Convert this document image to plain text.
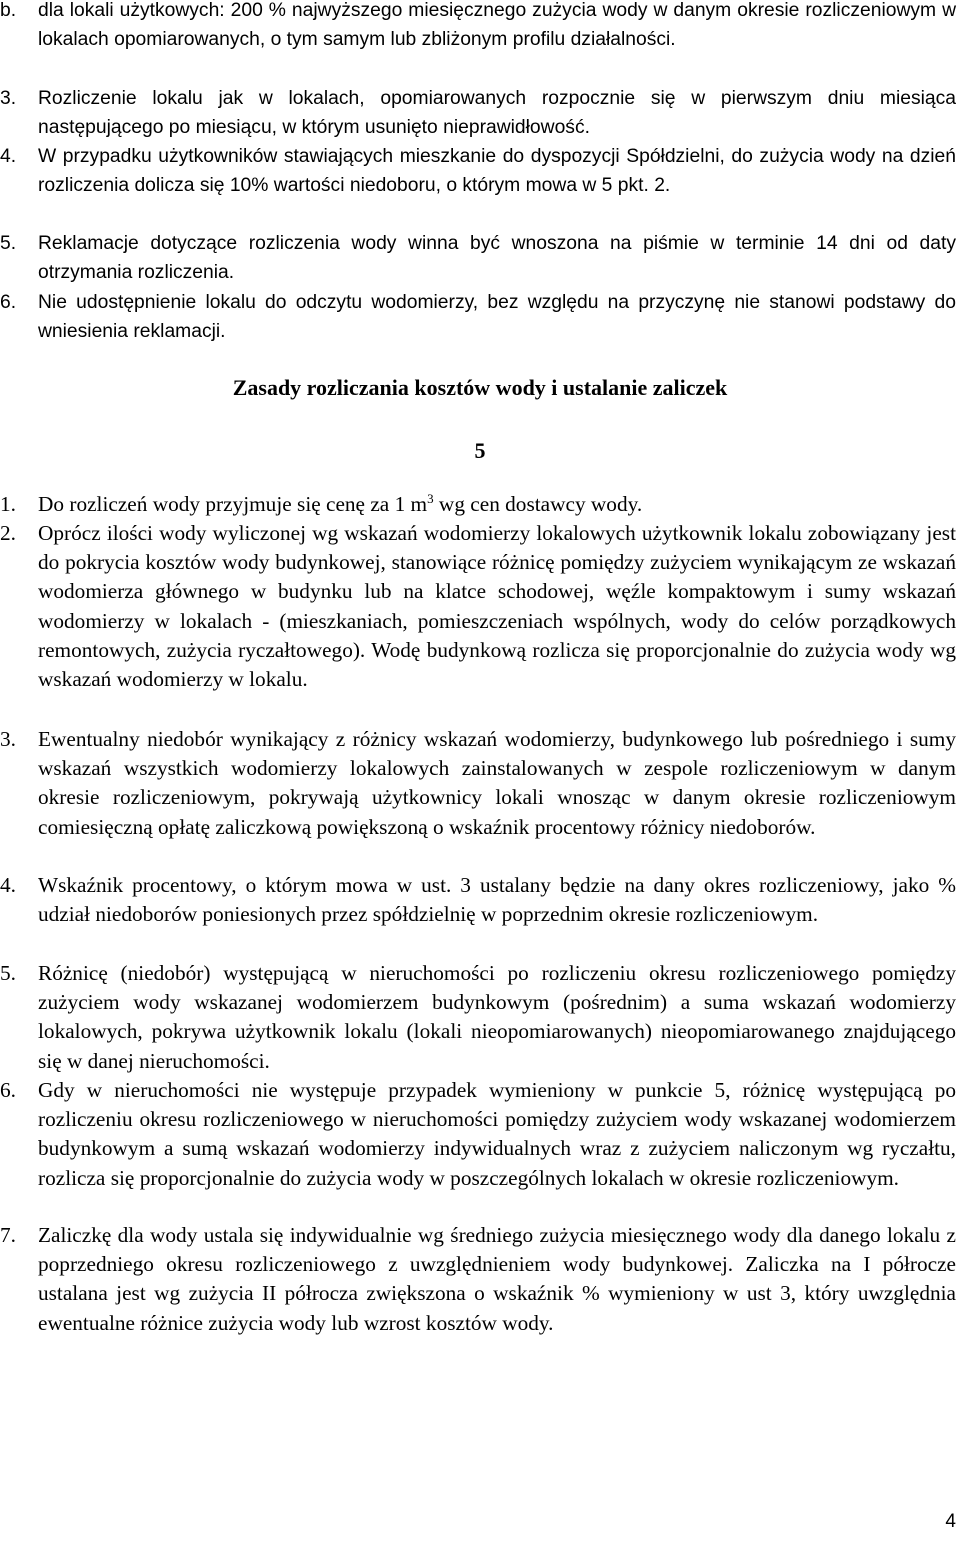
b.	dla lokali użytkowych: 200 % najwyższego miesięcznego zużycia wody w danym okresie rozliczeniowym w lokalach opomiarowanych, o tym samym lub zbliżonym profilu działalności.
3.	Rozliczenie lokalu jak w lokalach, opomiarowanych rozpocznie się w pierwszym dniu miesiąca następującego po miesiącu, w którym usunięto nieprawidłowość.
4.	W przypadku użytkowników stawiających mieszkanie do dyspozycji Spółdzielni, do zużycia wody na dzień rozliczenia dolicza się 10% wartości niedoboru, o którym mowa w 5 pkt. 2.
5.	Reklamacje dotyczące rozliczenia wody winna być wnoszona na piśmie w terminie 14 dni od daty otrzymania rozliczenia.
6.	Nie udostępnienie lokalu do odczytu wodomierzy, bez względu na przyczynę nie stanowi podstawy do wniesienia reklamacji.
Zasady rozliczania kosztów wody i ustalanie zaliczek
5
1.	Do rozliczeń wody przyjmuje się cenę za 1 $m^3$ wg cen dostawcy wody.
2.	Oprócz ilości wody wyliczonej wg wskazań wodomierzy lokalowych użytkownik lokalu zobowiązany jest do pokrycia kosztów wody budynkowej, stanowiące różnicę pomiędzy zużyciem wynikającym ze wskazań wodomierza głównego w budynku lub na klatce schodowej, węźle kompaktowym i sumy wskazań wodomierzy w lokalach - (mieszkaniach, pomieszczeniach wspólnych, wody do celów porządkowych remontowych, zużycia ryczałtowego). Wodę budynkową rozlicza się proporcjonalnie do zużycia wody wg wskazań wodomierzy w lokalu.
3.	Ewentualny niedobór wynikający z różnicy wskazań wodomierzy, budynkowego lub pośredniego i sumy wskazań wszystkich wodomierzy lokalowych zainstalowanych w zespole rozliczeniowym w danym okresie rozliczeniowym, pokrywają użytkownicy lokali wnosząc w danym okresie rozliczeniowym comiesięczną opłatę zaliczkową powiększoną o wskaźnik procentowy różnicy niedoborów.
4.	Wskaźnik procentowy, o którym mowa w ust. 3 ustalany będzie na dany okres rozliczeniowy, jako % udział niedoborów poniesionych przez spółdzielnię w poprzednim okresie rozliczeniowym.
5.	Różnicę (niedobór) występującą w nieruchomości po rozliczeniu okresu rozliczeniowego pomiędzy zużyciem wody wskazanej wodomierzem budynkowym (pośrednim) a suma wskazań wodomierzy lokalowych, pokrywa użytkownik lokalu (lokali nieopomiarowanych) nieopomiarowanego znajdującego się w danej nieruchomości.
6.	Gdy w nieruchomości nie występuje przypadek wymieniony w punkcie 5, różnicę występującą po rozliczeniu okresu rozliczeniowego w nieruchomości pomiędzy zużyciem wody wskazanej wodomierzem budynkowym a sumą wskazań wodomierzy indywidualnych wraz z zużyciem naliczonym wg ryczałtu, rozlicza się proporcjonalnie do zużycia wody w poszczególnych lokalach w okresie rozliczeniowym.
7.	Zaliczkę dla wody ustala się indywidualnie wg średniego zużycia miesięcznego wody dla danego lokalu z poprzedniego okresu rozliczeniowego z uwzględnieniem wody budynkowej. Zaliczka na I półrocze ustalana jest wg zużycia II półrocza zwiększona o wskaźnik % wymieniony w ust 3, który uwzględnia ewentualne różnice zużycia wody lub wzrost kosztów wody.
4
